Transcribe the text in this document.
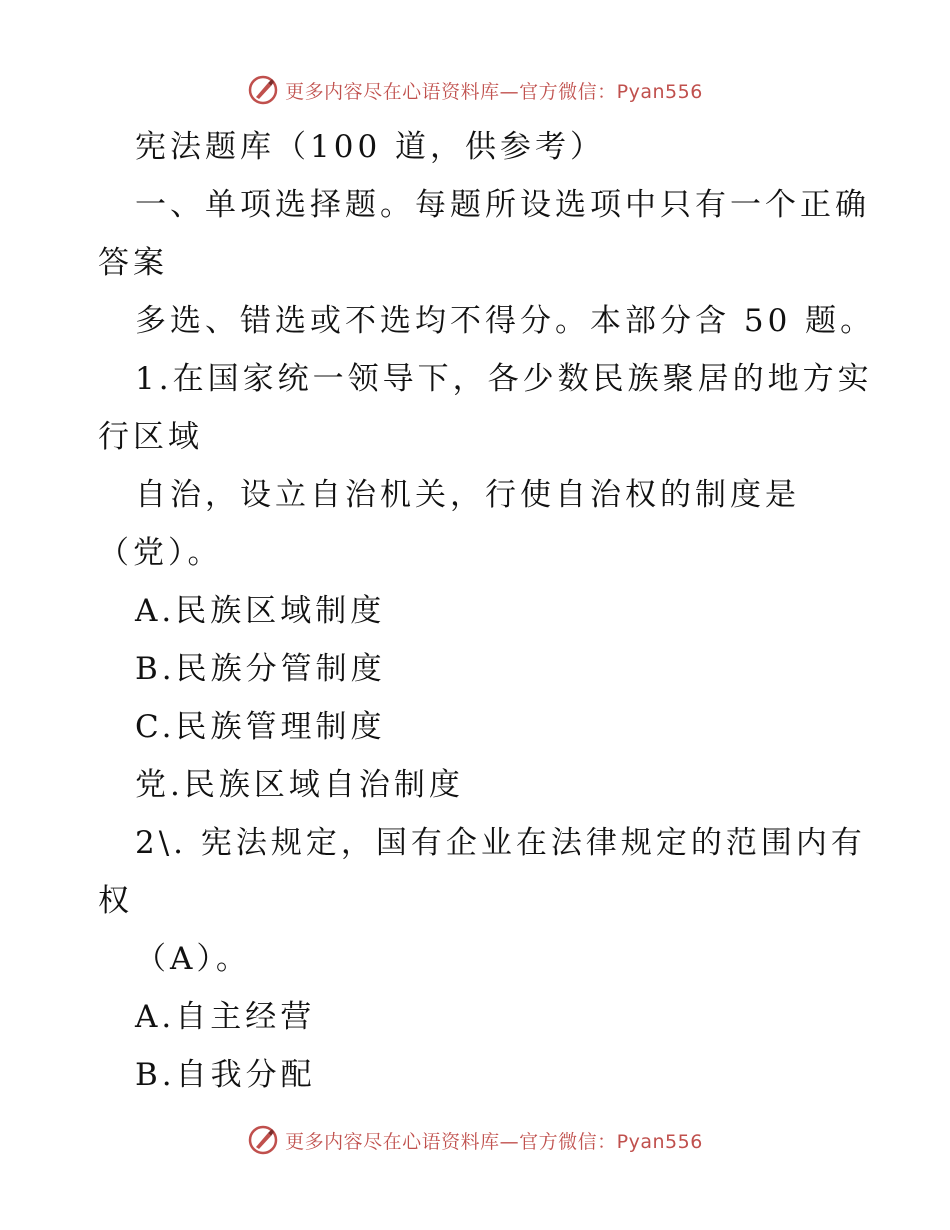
更多内容尽在心语资料库—官方微信：Pyan556
宪法题库（100 道，供参考）
一、单项选择题。每题所设选项中只有一个正确
答案
多选、错选或不选均不得分。本部分含 50 题。
1.在国家统一领导下，各少数民族聚居的地方实
行区域
自治，设立自治机关，行使自治权的制度是
（党）。
A.民族区域制度
B.民族分管制度
C.民族管理制度
党.民族区域自治制度
2\. 宪法规定，国有企业在法律规定的范围内有
权
（A）。
A.自主经营
B.自我分配
更多内容尽在心语资料库—官方微信：Pyan556
